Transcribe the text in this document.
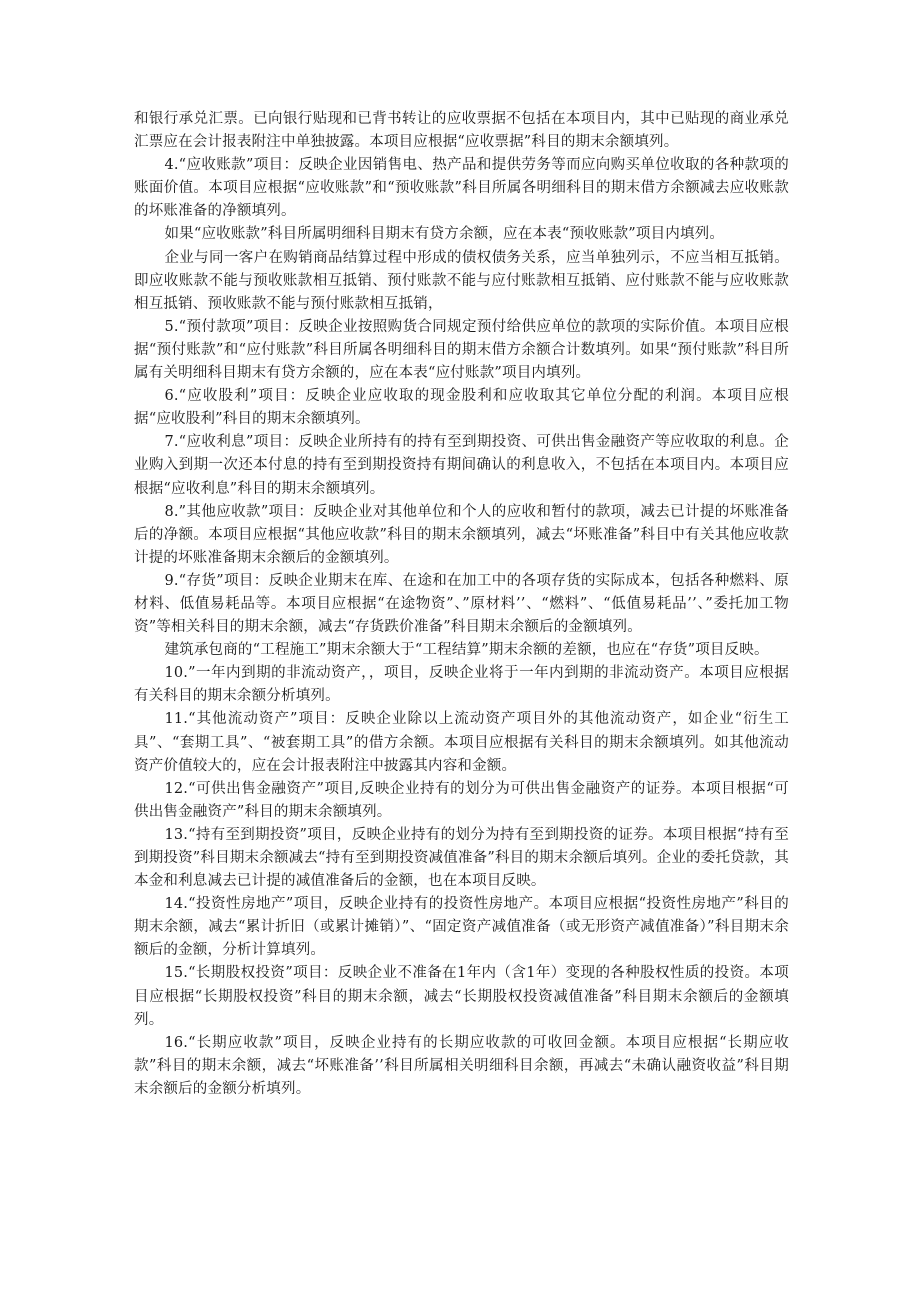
和银行承兑汇票。已向银行贴现和已背书转让的应收票据不包括在本项目内，其中已贴现的商业承兑汇票应在会计报表附注中单独披露。本项目应根据“应收票据”科目的期末余额填列。

4.“应收账款”项目：反映企业因销售电、热产品和提供劳务等而应向购买单位收取的各种款项的账面价值。本项目应根据“应收账款”和“预收账款”科目所属各明细科目的期末借方余额减去应收账款的坏账准备的净额填列。

如果“应收账款”科目所属明细科目期末有贷方余额，应在本表“预收账款”项目内填列。

企业与同一客户在购销商品结算过程中形成的债权债务关系，应当单独列示，不应当相互抵销。即应收账款不能与预收账款相互抵销、预付账款不能与应付账款相互抵销、应付账款不能与应收账款相互抵销、预收账款不能与预付账款相互抵销，

5.“预付款项”项目：反映企业按照购货合同规定预付给供应单位的款项的实际价值。本项目应根据“预付账款”和“应付账款”科目所属各明细科目的期末借方余额合计数填列。如果“预付账款”科目所属有关明细科目期末有贷方余额的，应在本表“应付账款”项目内填列。

6.“应收股利”项目：反映企业应收取的现金股利和应收取其它单位分配的利润。本项目应根据“应收股利”科目的期末余额填列。

7.“应收利息”项目：反映企业所持有的持有至到期投资、可供出售金融资产等应收取的利息。企业购入到期一次还本付息的持有至到期投资持有期间确认的利息收入，不包括在本项目内。本项目应根据“应收利息”科目的期末余额填列。

8.”其他应收款”项目：反映企业对其他单位和个人的应收和暂付的款项，减去已计提的坏账准备后的净额。本项目应根据“其他应收款”科目的期末余额填列，减去“坏账准备”科目中有关其他应收款计提的坏账准备期末余额后的金额填列。

9.“存货”项目：反映企业期末在库、在途和在加工中的各项存货的实际成本，包括各种燃料、原材料、低值易耗品等。本项目应根据“在途物资”、”原材料’’、“燃料”、“低值易耗品’’、”委托加工物资”等相关科目的期末余额，减去“存货跌价准备”科目期末余额后的金额填列。

建筑承包商的“工程施工”期末余额大于“工程结算”期末余额的差额，也应在“存货”项目反映。

10.”一年内到期的非流动资产，，项目，反映企业将于一年内到期的非流动资产。本项目应根据有关科目的期末余额分析填列。

11.“其他流动资产”项目：反映企业除以上流动资产项目外的其他流动资产，如企业“衍生工具”、“套期工具”、“被套期工具”的借方余额。本项目应根据有关科目的期末余额填列。如其他流动资产价值较大的，应在会计报表附注中披露其内容和金额。

12.“可供出售金融资产”项目,反映企业持有的划分为可供出售金融资产的证券。本项目根据“可供出售金融资产”科目的期末余额填列。

13.“持有至到期投资”项目，反映企业持有的划分为持有至到期投资的证券。本项目根据“持有至到期投资”科目期末余额减去“持有至到期投资减值准备”科目的期末余额后填列。企业的委托贷款，其本金和利息减去已计提的减值准备后的金额，也在本项目反映。

14.“投资性房地产”项目，反映企业持有的投资性房地产。本项目应根据“投资性房地产”科目的期末余额，减去“累计折旧（或累计摊销）”、“固定资产减值准备（或无形资产减值准备）”科目期末余额后的金额，分析计算填列。

15.“长期股权投资”项目：反映企业不准备在1年内（含1年）变现的各种股权性质的投资。本项目应根据“长期股权投资”科目的期末余额，减去“长期股权投资减值准备”科目期末余额后的金额填列。

16.“长期应收款”项目，反映企业持有的长期应收款的可收回金额。本项目应根据“长期应收款”科目的期末余额，减去“坏账准备’’科目所属相关明细科目余额，再减去“未确认融资收益”科目期末余额后的金额分析填列。
